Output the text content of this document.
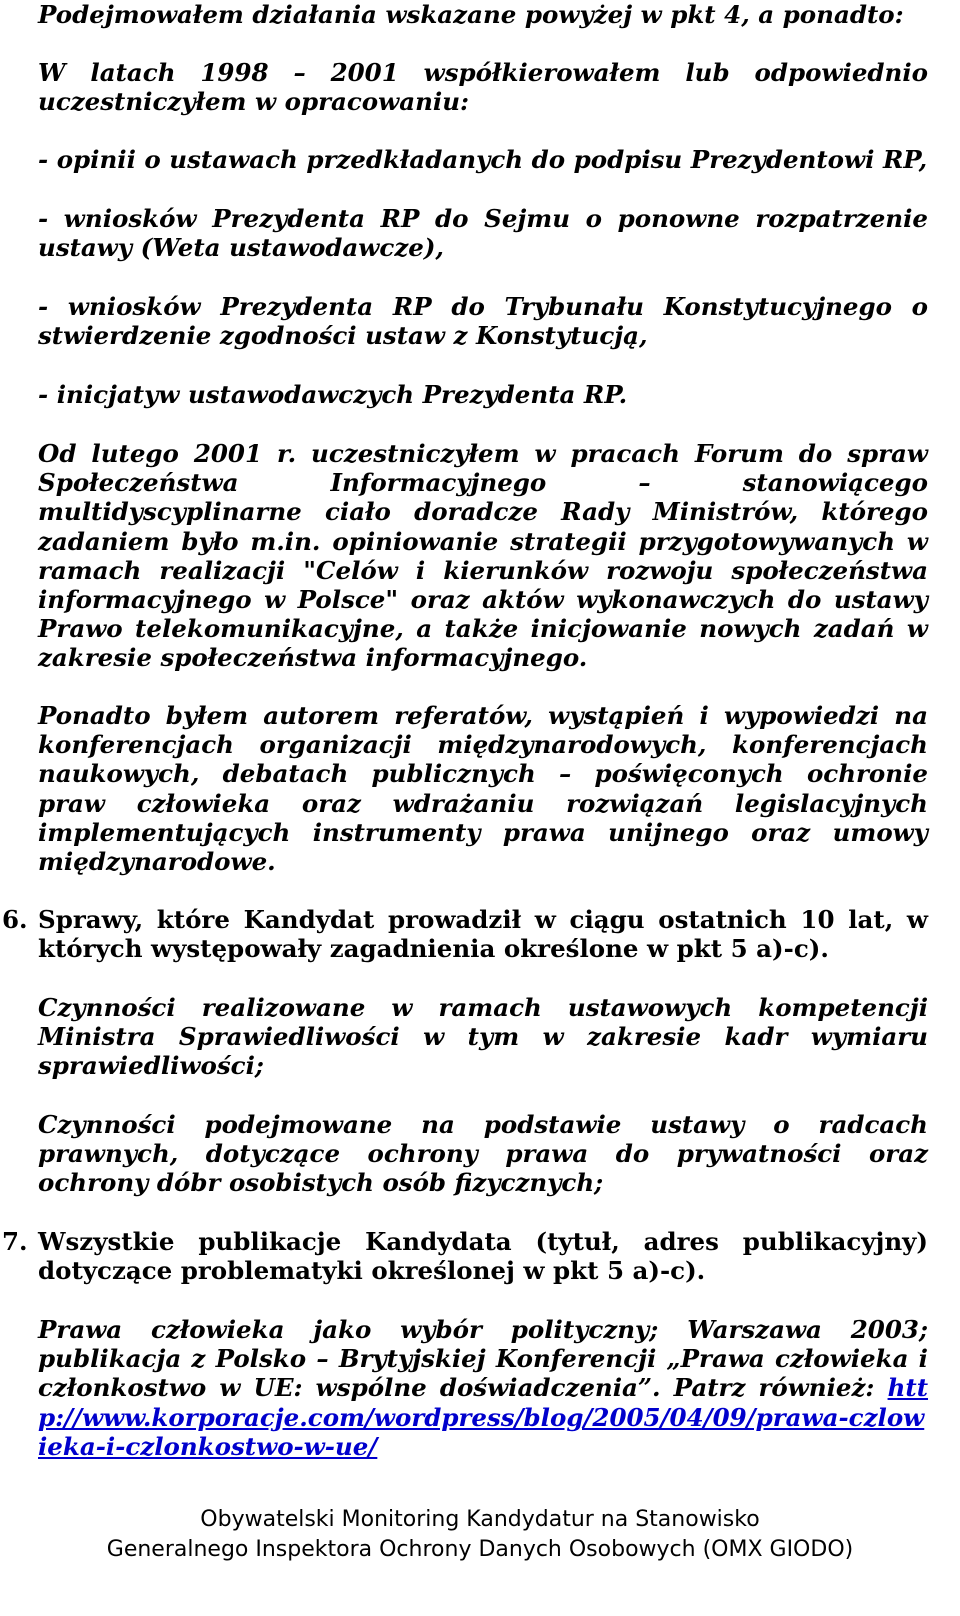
Podejmowałem działania wskazane powyżej w pkt 4, a ponadto:

W latach 1998 – 2001 współkierowałem lub odpowiednio uczestniczyłem w opracowaniu:

- opinii o ustawach przedkładanych do podpisu Prezydentowi RP,

- wniosków Prezydenta RP do Sejmu o ponowne rozpatrzenie ustawy (Weta ustawodawcze),

- wniosków Prezydenta RP do Trybunału Konstytucyjnego o stwierdzenie zgodności ustaw z Konstytucją,

- inicjatyw ustawodawczych Prezydenta RP.

Od lutego 2001 r. uczestniczyłem w pracach Forum do spraw Społeczeństwa Informacyjnego – stanowiącego multidyscyplinarne ciało doradcze Rady Ministrów, którego zadaniem było m.in. opiniowanie strategii przygotowywanych w ramach realizacji "Celów i kierunków rozwoju społeczeństwa informacyjnego w Polsce" oraz aktów wykonawczych do ustawy Prawo telekomunikacyjne, a także inicjowanie nowych zadań w zakresie społeczeństwa informacyjnego.

Ponadto byłem autorem referatów, wystąpień i wypowiedzi na konferencjach organizacji międzynarodowych, konferencjach naukowych, debatach publicznych – poświęconych ochronie praw człowieka oraz wdrażaniu rozwiązań legislacyjnych implementujących instrumenty prawa unijnego oraz umowy międzynarodowe.

6. Sprawy, które Kandydat prowadził w ciągu ostatnich 10 lat, w których występowały zagadnienia określone w pkt 5 a)-c).

Czynności realizowane w ramach ustawowych kompetencji Ministra Sprawiedliwości w tym w zakresie kadr wymiaru sprawiedliwości;

Czynności podejmowane na podstawie ustawy o radcach prawnych, dotyczące ochrony prawa do prywatności oraz ochrony dóbr osobistych osób fizycznych;

7. Wszystkie publikacje Kandydata (tytuł, adres publikacyjny) dotyczące problematyki określonej w pkt 5 a)-c).

Prawa człowieka jako wybór polityczny; Warszawa 2003; publikacja z Polsko – Brytyjskiej Konferencji „Prawa człowieka i członkostwo w UE: wspólne doświadczenia”. Patrz również: http://www.korporacje.com/wordpress/blog/2005/04/09/prawa-czlowieka-i-czlonkostwo-w-ue/

Obywatelski Monitoring Kandydatur na Stanowisko
Generalnego Inspektora Ochrony Danych Osobowych (OMX GIODO)
